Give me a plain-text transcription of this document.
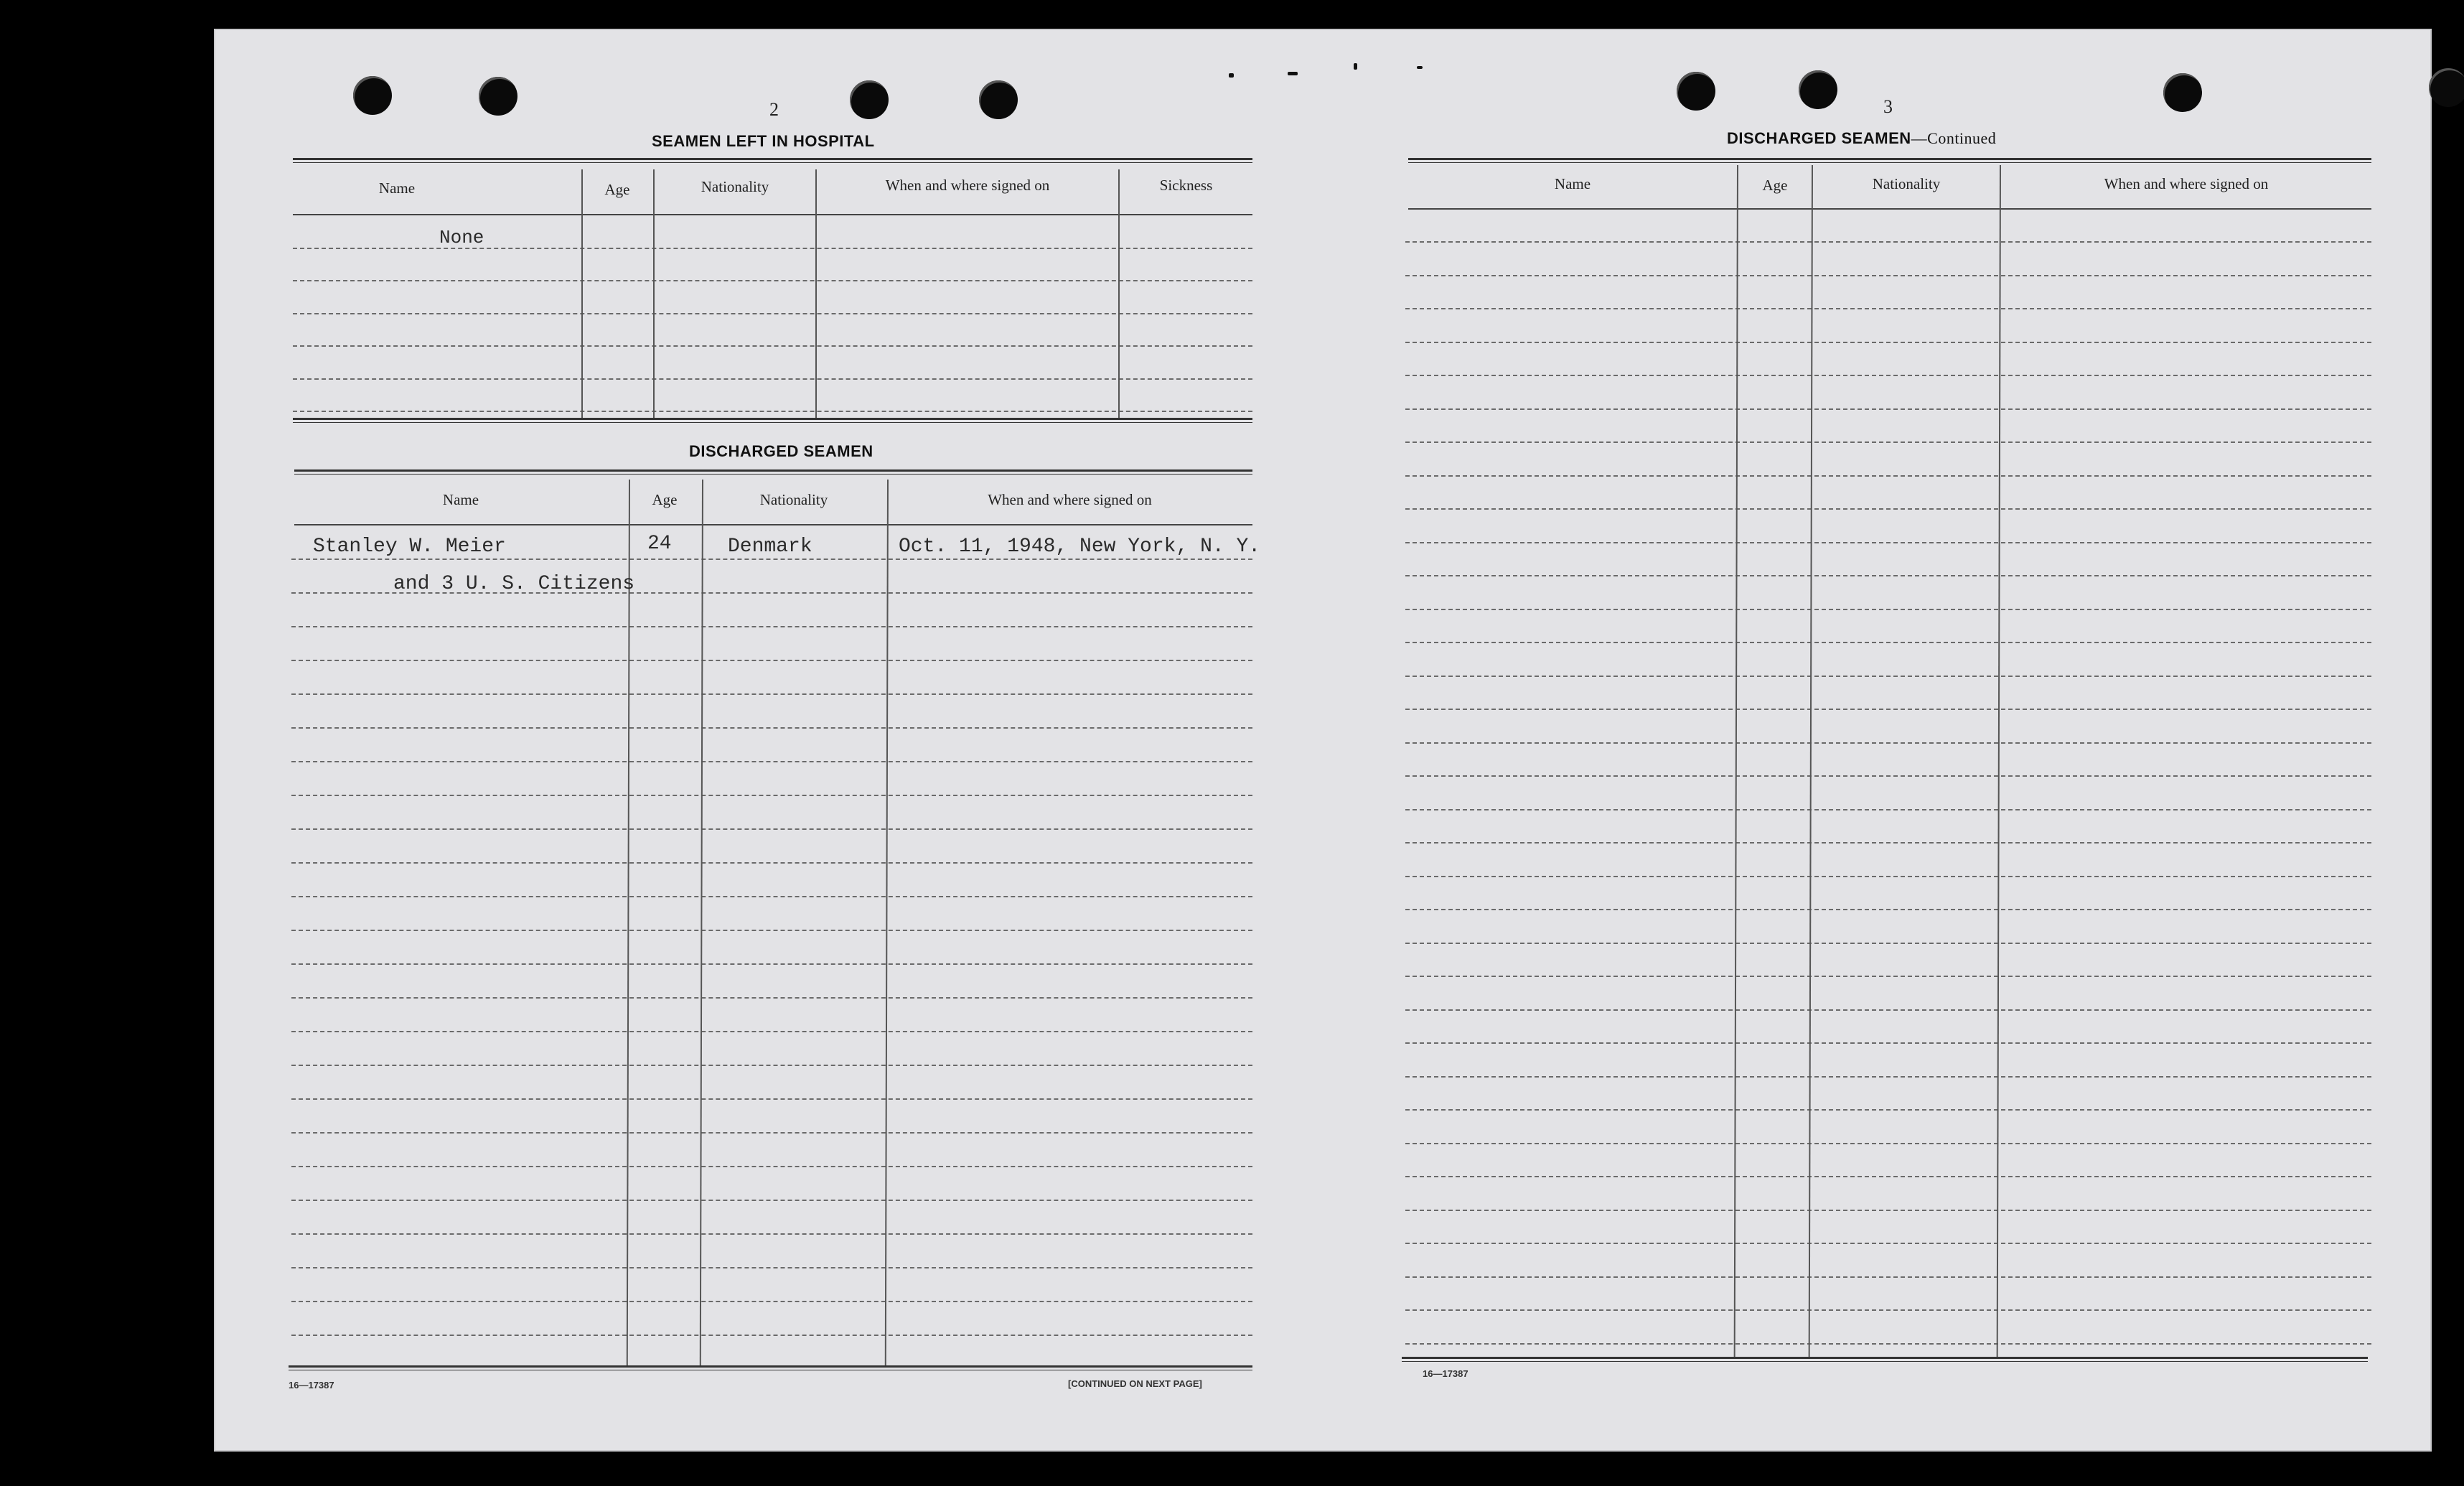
2
SEAMEN LEFT IN HOSPITAL
Name	Age	Nationality	When and where signed on	Sickness
None
DISCHARGED SEAMEN
Name	Age	Nationality	When and where signed on
Stanley W. Meier	24	Denmark	Oct. 11, 1948, New York, N. Y.
and 3 U. S. Citizens
16—17387	[CONTINUED ON NEXT PAGE]
3
DISCHARGED SEAMEN—Continued
Name	Age	Nationality	When and where signed on
16—17387
